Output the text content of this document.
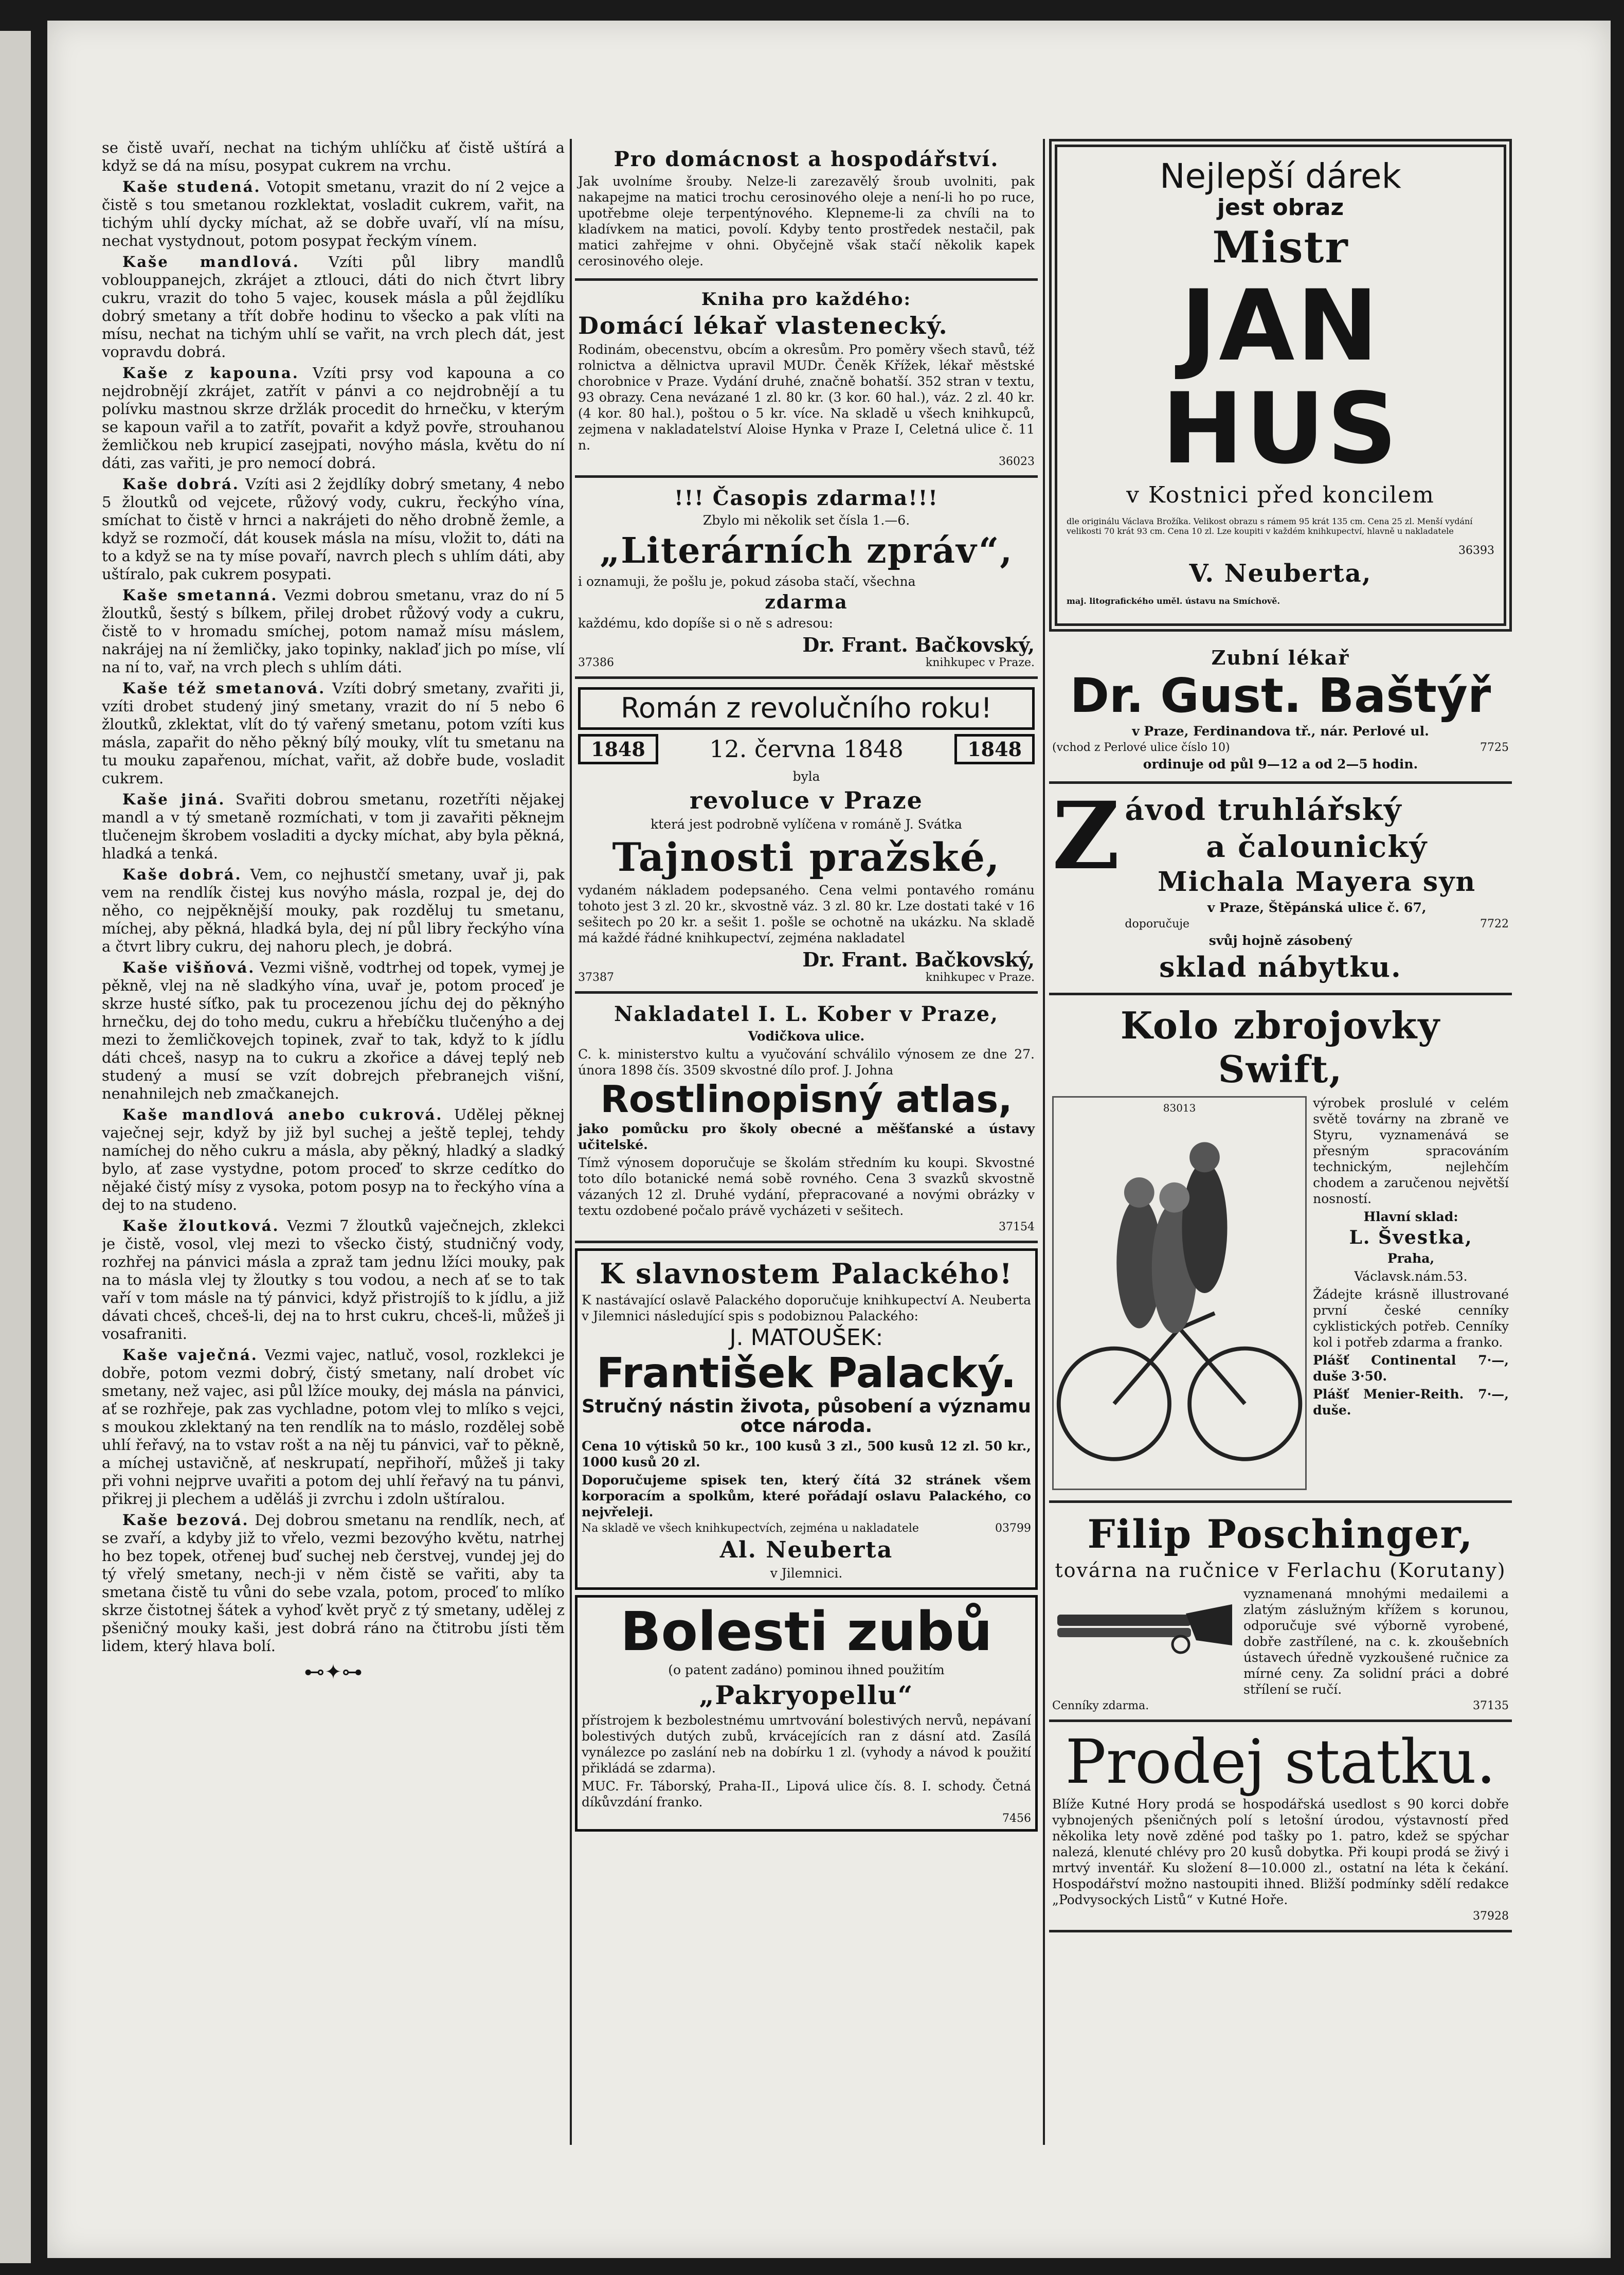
se čistě uvaří, nechat na tichým uhlíčku ať čistě uštírá a když se dá na mísu, posypat cukrem na vrchu.

Kaše studená. Votopit smetanu, vrazit do ní 2 vejce a čistě s tou smetanou rozklektat, vosladit cukrem, vařit, na tichým uhlí dycky míchat, až se dobře uvaří, vlí na mísu, nechat vystydnout, potom posypat řeckým vínem.

Kaše mandlová. Vzíti půl libry mandlů voblouppanejch, zkrájet a ztlouci, dáti do nich čtvrt libry cukru, vrazit do toho 5 vajec, kousek másla a půl žejdlíku dobrý smetany a třít dobře hodinu to všecko a pak vlíti na mísu, nechat na tichým uhlí se vařit, na vrch plech dát, jest vopravdu dobrá.

Kaše z kapouna. Vzíti prsy vod kapouna a co nejdrobnějí zkrájet, zatřít v pánvi a co nejdrobnějí a tu polívku mastnou skrze držlák procedit do hrnečku, v kterým se kapoun vařil a to zatřít, povařit a když povře, strouhanou žemličkou neb krupicí zasejpati, novýho másla, květu do ní dáti, zas vařiti, je pro nemocí dobrá.

Kaše dobrá. Vzíti asi 2 žejdlíky dobrý smetany, 4 nebo 5 žloutků od vejcete, růžový vody, cukru, řeckýho vína, smíchat to čistě v hrnci a nakrájeti do něho drobně žemle, a když se rozmočí, dát kousek másla na mísu, vložit to, dáti na to a když se na ty míse povaří, navrch plech s uhlím dáti, aby uštíralo, pak cukrem posypati.

Kaše smetanná. Vezmi dobrou smetanu, vraz do ní 5 žloutků, šestý s bílkem, přilej drobet růžový vody a cukru, čistě to v hromadu smíchej, potom namaž mísu máslem, nakrájej na ní žemličky, jako topinky, naklaď jich po míse, vlí na ní to, vař, na vrch plech s uhlím dáti.

Kaše též smetanová. Vzíti dobrý smetany, zvařiti ji, vzíti drobet studený jiný smetany, vrazit do ní 5 nebo 6 žloutků, zklektat, vlít do tý vařený smetanu, potom vzíti kus másla, zapařit do něho pěkný bílý mouky, vlít tu smetanu na tu mouku zapařenou, míchat, vařit, až dobře bude, vosladit cukrem.

Kaše jiná. Svařiti dobrou smetanu, rozetříti nějakej mandl a v tý smetaně rozmíchati, v tom ji zavařiti pěknejm tlučenejm škrobem vosladiti a dycky míchat, aby byla pěkná, hladká a tenká.

Kaše dobrá. Vem, co nejhustčí smetany, uvař ji, pak vem na rendlík čistej kus novýho másla, rozpal je, dej do něho, co nejpěknější mouky, pak rozděluj tu smetanu, míchej, aby pěkná, hladká byla, dej ní půl libry řeckýho vína a čtvrt libry cukru, dej nahoru plech, je dobrá.

Kaše višňová. Vezmi višně, vodtrhej od topek, vymej je pěkně, vlej na ně sladkýho vína, uvař je, potom proceď je skrze husté síťko, pak tu procezenou jíchu dej do pěknýho hrnečku, dej do toho medu, cukru a hřebíčku tlučenýho a dej mezi to žemličkovejch topinek, zvař to tak, když to k jídlu dáti chceš, nasyp na to cukru a zkořice a dávej teplý neb studený a musí se vzít dobrejch přebranejch višní, nenahnilejch neb zmačkanejch.

Kaše mandlová anebo cukrová. Udělej pěknej vaječnej sejr, když by již byl suchej a ještě teplej, tehdy namíchej do něho cukru a másla, aby pěkný, hladký a sladký bylo, ať zase vystydne, potom proceď to skrze cedítko do nějaké čistý mísy z vysoka, potom posyp na to řeckýho vína a dej to na studeno.

Kaše žloutková. Vezmi 7 žloutků vaječnejch, zklekci je čistě, vosol, vlej mezi to všecko čistý, studničný vody, rozhřej na pánvici másla a zpraž tam jednu lžíci mouky, pak na to másla vlej ty žloutky s tou vodou, a nech ať se to tak vaří v tom másle na tý pánvici, když přistrojíš to k jídlu, a již dávati chceš, chceš-li, dej na to hrst cukru, chceš-li, můžeš ji vosafraniti.

Kaše vaječná. Vezmi vajec, natluč, vosol, rozklekci je dobře, potom vezmi dobrý, čistý smetany, nalí drobet víc smetany, než vajec, asi půl lžíce mouky, dej másla na pánvici, ať se rozhřeje, pak zas vychladne, potom vlej to mlíko s vejci, s moukou zklektaný na ten rendlík na to máslo, rozdělej sobě uhlí řeřavý, na to vstav rošt a na něj tu pánvici, vař to pěkně, a míchej ustavičně, ať neskrupatí, nepřihoří, můžeš ji taky při vohni nejprve uvařiti a potom dej uhlí řeřavý na tu pánvi, přikrej ji plechem a uděláš ji zvrchu i zdoln uštíralou.

Kaše bezová. Dej dobrou smetanu na rendlík, nech, ať se zvaří, a kdyby již to vřelo, vezmi bezovýho květu, natrhej ho bez topek, otřenej buď suchej neb čerstvej, vundej jej do tý vřelý smetany, nech-ji v něm čistě se vařiti, aby ta smetana čistě tu vůni do sebe vzala, potom, proceď to mlíko skrze čistotnej šátek a vyhoď květ pryč z tý smetany, udělej z pšeničný mouky kaši, jest dobrá ráno na čtitrobu jísti těm lidem, který hlava bolí.

⊷✦⊶
Pro domácnost a hospodářství.

Jak uvolníme šrouby. Nelze-li zarezavělý šroub uvolniti, pak nakapejme na matici trochu cerosinového oleje a není-li ho po ruce, upotřebme oleje terpentýnového. Klepneme-li za chvíli na to kladívkem na matici, povolí. Kdyby tento prostředek nestačil, pak matici zahřejme v ohni. Obyčejně však stačí několik kapek cerosinového oleje.

Kniha pro každého:
Domácí lékař vlastenecký.

Rodinám, obecenstvu, obcím a okresům. Pro poměry všech stavů, též rolnictva a dělnictva upravil MUDr. Čeněk Křížek, lékař městské chorobnice v Praze. Vydání druhé, značně bohatší. 352 stran v textu, 93 obrazy. Cena nevázané 1 zl. 80 kr. (3 kor. 60 hal.), váz. 2 zl. 40 kr. (4 kor. 80 hal.), poštou o 5 kr. více. Na skladě u všech knihkupců, zejmena v nakladatelství Aloise Hynka v Praze I, Celetná ulice č. 11 n.

36023
!!! Časopis zdarma!!!

Zbylo mi několik set čísla 1.—6.

„Literárních zpráv“,

i oznamuji, že pošlu je, pokud zásoba stačí, všechna

zdarma

každému, kdo dopíše si o ně s adresou:

Dr. Frant. Bačkovský,
37386	knihkupec v Praze.
Román z revolučního roku!
1848	12. června 1848	1848

byla

revoluce v Praze

která jest podrobně vylíčena v románě J. Svátka

Tajnosti pražské,

vydaném nákladem podepsaného. Cena velmi pontavého románu tohoto jest 3 zl. 20 kr., skvostně váz. 3 zl. 80 kr. Lze dostati také v 16 sešitech po 20 kr. a sešit 1. pošle se ochotně na ukázku. Na skladě má každé řádné knihkupectví, zejména nakladatel

Dr. Frant. Bačkovský,
37387	knihkupec v Praze.
Nakladatel I. L. Kober v Praze,

Vodičkova ulice.

C. k. ministerstvo kultu a vyučování schválilo výnosem ze dne 27. února 1898 čís. 3509 skvostné dílo prof. J. Johna

Rostlinopisný atlas,

jako pomůcku pro školy obecné a měšťanské a ústavy učitelské.

Tímž výnosem doporučuje se školám středním ku koupi. Skvostné toto dílo botanické nemá sobě rovného. Cena 3 svazků skvostně vázaných 12 zl. Druhé vydání, přepracované a novými obrázky v textu ozdobené počalo právě vycházeti v sešitech.

37154
K slavnostem Palackého!

K nastávající oslavě Palackého doporučuje knihkupectví A. Neuberta v Jilemnici následující spis s podobiznou Palackého:

J. MATOUŠEK:
František Palacký.
Stručný nástin života, působení a významu otce národa.

Cena 10 výtisků 50 kr., 100 kusů 3 zl., 500 kusů 12 zl. 50 kr., 1000 kusů 20 zl.

Doporučujeme spisek ten, který čítá 32 stránek všem korporacím a spolkům, které pořádají oslavu Palackého, co nejvřeleji.

Na skladě ve všech knihkupectvích, zejména u nakladatele	03799
Al. Neuberta

v Jilemnici.

Bolesti zubů

(o patent zadáno) pominou ihned použitím

„Pakryopellu“

přístrojem k bezbolestnému umrtvování bolestivých nervů, nepávaní bolestivých dutých zubů, krvácejících ran z dásní atd. Zasílá vynálezce po zaslání neb na dobírku 1 zl. (vyhody a návod k použití přikládá se zdarma).

MUC. Fr. Táborský, Praha-II., Lipová ulice čís. 8. I. schody. Četná díkůvzdání franko.

7456
Nejlepší dárek
jest obraz
Mistr
JAN HUS
v Kostnici před koncilem

dle originálu Václava Brožíka. Velikost obrazu s rámem 95 krát 135 cm. Cena 25 zl. Menší vydání velikosti 70 krát 93 cm. Cena 10 zl. Lze koupiti v každém knihkupectví, hlavně u nakladatele

36393
V. Neuberta,

maj. litografického uměl. ústavu na Smíchově.

Zubní lékař
Dr. Gust. Baštýř

v Praze, Ferdinandova tř., nár. Perlové ul.

(vchod z Perlové ulice číslo 10)	7725

ordinuje od půl 9—12 a od 2—5 hodin.

Z ávod truhlářský
a čalounický
Michala Mayera syn

v Praze, Štěpánská ulice č. 67,

doporučuje	7722

svůj hojně zásobený

sklad nábytku.
Kolo zbrojovky Swift,
83013	výrobek proslulé v celém světě továrny na zbraně ve Styru, vyznamenává se přesným spracováním technickým, nejlehčím chodem a zaručenou největší nosností.

Hlavní sklad:

L. Švestka,

Praha,

Václavsk.nám.53.

Žádejte krásně illustrované první české cenníky cyklistických potřeb. Cenníky kol i potřeb zdarma a franko.

Plášť Continental 7·—, duše 3·50.

Plášť Menier-Reith. 7·—, duše.

Filip Poschinger,
továrna na ručnice v Ferlachu (Korutany)

vyznamenaná mnohými medailemi a zlatým záslužným křížem s korunou, odporučuje své výborně vyrobené, dobře zastřílené, na c. k. zkoušebních ústavech úředně vyzkoušené ručnice za mírné ceny. Za solidní práci a dobré střílení se ručí.

Cenníky zdarma.	37135
Prodej statku.

Blíže Kutné Hory prodá se hospodářská usedlost s 90 korci dobře vybnojených pšeničných polí s letošní úrodou, výstavností před několika lety nově zděné pod tašky po 1. patro, kdež se spýchar nalezá, klenuté chlévy pro 20 kusů dobytka. Při koupi prodá se živý i mrtvý inventář. Ku složení 8—10.000 zl., ostatní na léta k čekání. Hospodářství možno nastoupiti ihned. Bližší podmínky sdělí redakce „Podvysockých Listů“ v Kutné Hoře.

37928
